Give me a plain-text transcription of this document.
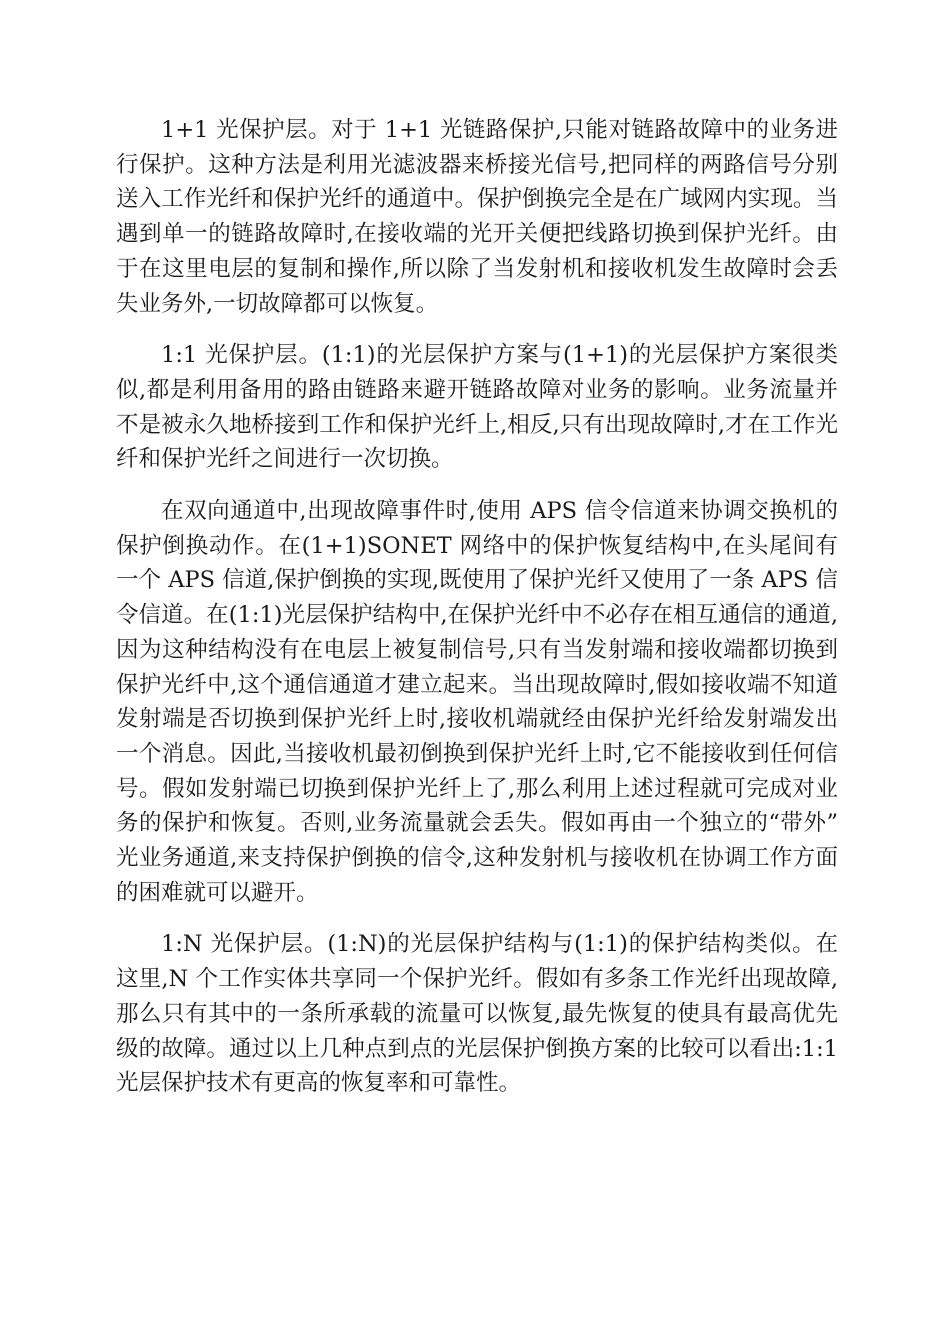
1+1 光保护层。对于 1+1 光链路保护,只能对链路故障中的业务进行保护。这种方法是利用光滤波器来桥接光信号,把同样的两路信号分别送入工作光纤和保护光纤的通道中。保护倒换完全是在广域网内实现。当遇到单一的链路故障时,在接收端的光开关便把线路切换到保护光纤。由于在这里电层的复制和操作,所以除了当发射机和接收机发生故障时会丢失业务外,一切故障都可以恢复。

1:1 光保护层。(1:1)的光层保护方案与(1+1)的光层保护方案很类似,都是利用备用的路由链路来避开链路故障对业务的影响。业务流量并不是被永久地桥接到工作和保护光纤上,相反,只有出现故障时,才在工作光纤和保护光纤之间进行一次切换。

在双向通道中,出现故障事件时,使用 APS 信令信道来协调交换机的保护倒换动作。在(1+1)SONET 网络中的保护恢复结构中,在头尾间有一个 APS 信道,保护倒换的实现,既使用了保护光纤又使用了一条 APS 信令信道。在(1:1)光层保护结构中,在保护光纤中不必存在相互通信的通道,因为这种结构没有在电层上被复制信号,只有当发射端和接收端都切换到保护光纤中,这个通信通道才建立起来。当出现故障时,假如接收端不知道发射端是否切换到保护光纤上时,接收机端就经由保护光纤给发射端发出一个消息。因此,当接收机最初倒换到保护光纤上时,它不能接收到任何信号。假如发射端已切换到保护光纤上了,那么利用上述过程就可完成对业务的保护和恢复。否则,业务流量就会丢失。假如再由一个独立的“带外”光业务通道,来支持保护倒换的信令,这种发射机与接收机在协调工作方面的困难就可以避开。

1:N 光保护层。(1:N)的光层保护结构与(1:1)的保护结构类似。在这里,N 个工作实体共享同一个保护光纤。假如有多条工作光纤出现故障,那么只有其中的一条所承载的流量可以恢复,最先恢复的使具有最高优先级的故障。通过以上几种点到点的光层保护倒换方案的比较可以看出:1:1 光层保护技术有更高的恢复率和可靠性。
